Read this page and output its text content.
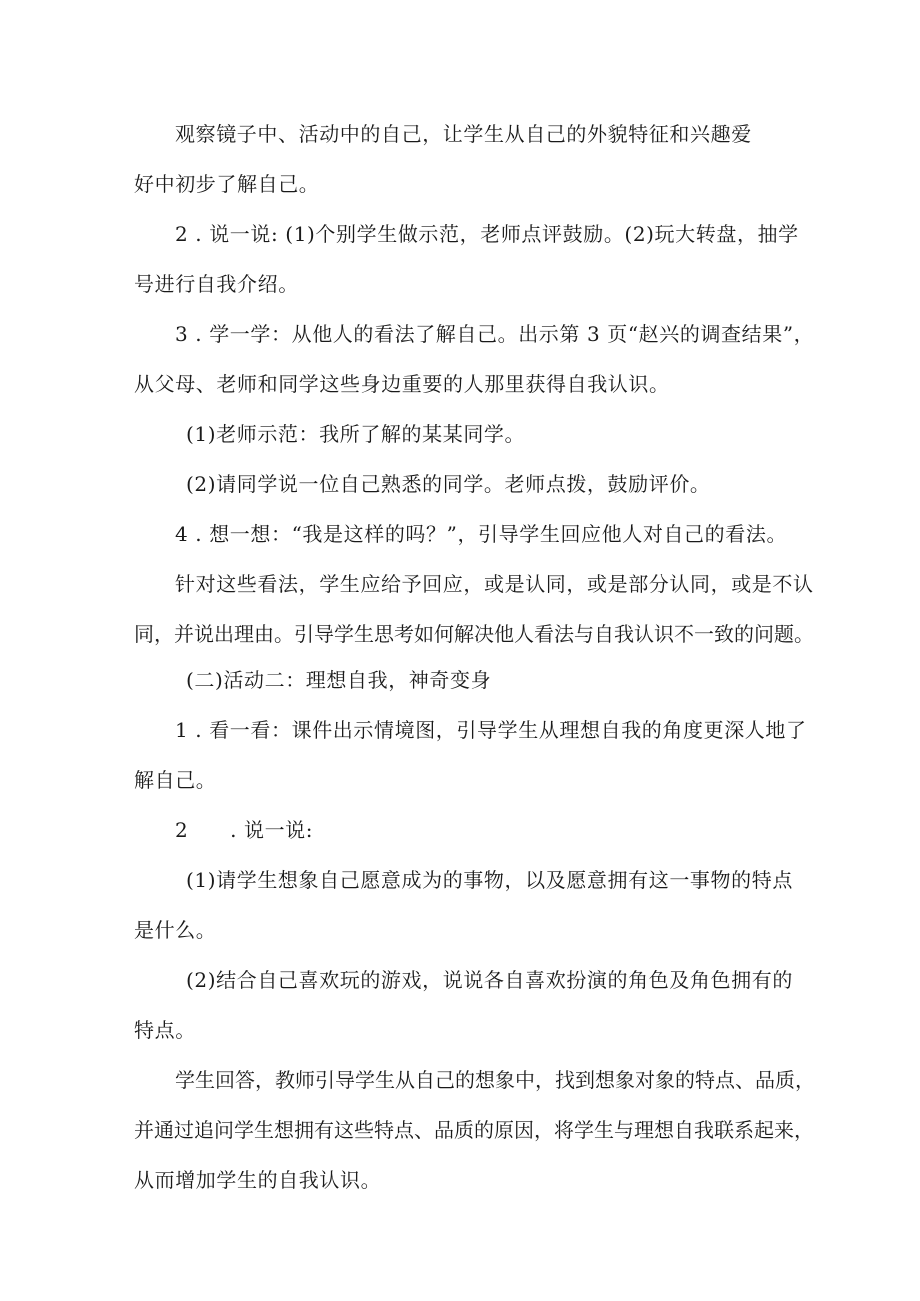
观察镜子中、活动中的自己，让学生从自己的外貌特征和兴趣爱
好中初步了解自己。
2 . 说一说: (1)个别学生做示范，老师点评鼓励。(2)玩大转盘，抽学
号进行自我介绍。
3 . 学一学：从他人的看法了解自己。出示第 3 页“赵兴的调查结果”，
从父母、老师和同学这些身边重要的人那里获得自我认识。
(1)老师示范：我所了解的某某同学。
(2)请同学说一位自己熟悉的同学。老师点拨，鼓励评价。
4 . 想一想：“我是这样的吗？”，引导学生回应他人对自己的看法。
针对这些看法，学生应给予回应，或是认同，或是部分认同，或是不认
同，并说出理由。引导学生思考如何解决他人看法与自我认识不一致的问题。
(二)活动二：理想自我，神奇变身
1 . 看一看：课件出示情境图，引导学生从理想自我的角度更深人地了
解自己。
2      . 说一说:
(1)请学生想象自己愿意成为的事物，以及愿意拥有这一事物的特点
是什么。
(2)结合自己喜欢玩的游戏，说说各自喜欢扮演的角色及角色拥有的
特点。
学生回答，教师引导学生从自己的想象中，找到想象对象的特点、品质，
并通过追问学生想拥有这些特点、品质的原因，将学生与理想自我联系起来，
从而增加学生的自我认识。
